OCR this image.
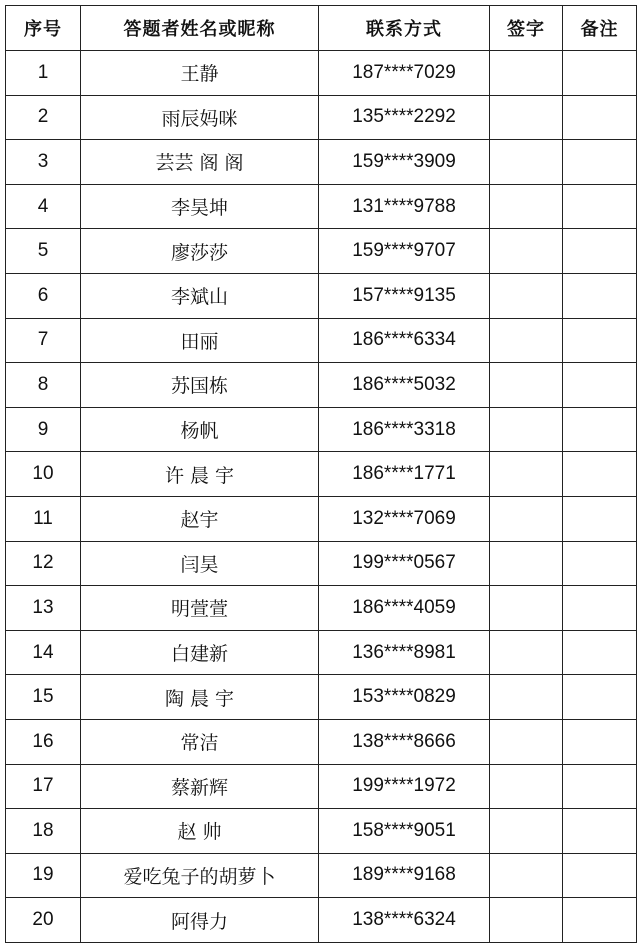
序号	答题者姓名或昵称	联系方式	签字	备注
1	王静	187****7029		
2	雨辰妈咪	135****2292		
3	芸芸 阁 阁	159****3909		
4	李昊坤	131****9788		
5	廖莎莎	159****9707		
6	李斌山	157****9135		
7	田丽	186****6334		
8	苏国栋	186****5032		
9	杨帆	186****3318		
10	许 晨 宇	186****1771		
11	赵宇	132****7069		
12	闫昊	199****0567		
13	明萱萱	186****4059		
14	白建新	136****8981		
15	陶 晨 宇	153****0829		
16	常洁	138****8666		
17	蔡新辉	199****1972		
18	赵 帅	158****9051		
19	爱吃兔子的胡萝卜	189****9168		
20	阿得力	138****6324		
